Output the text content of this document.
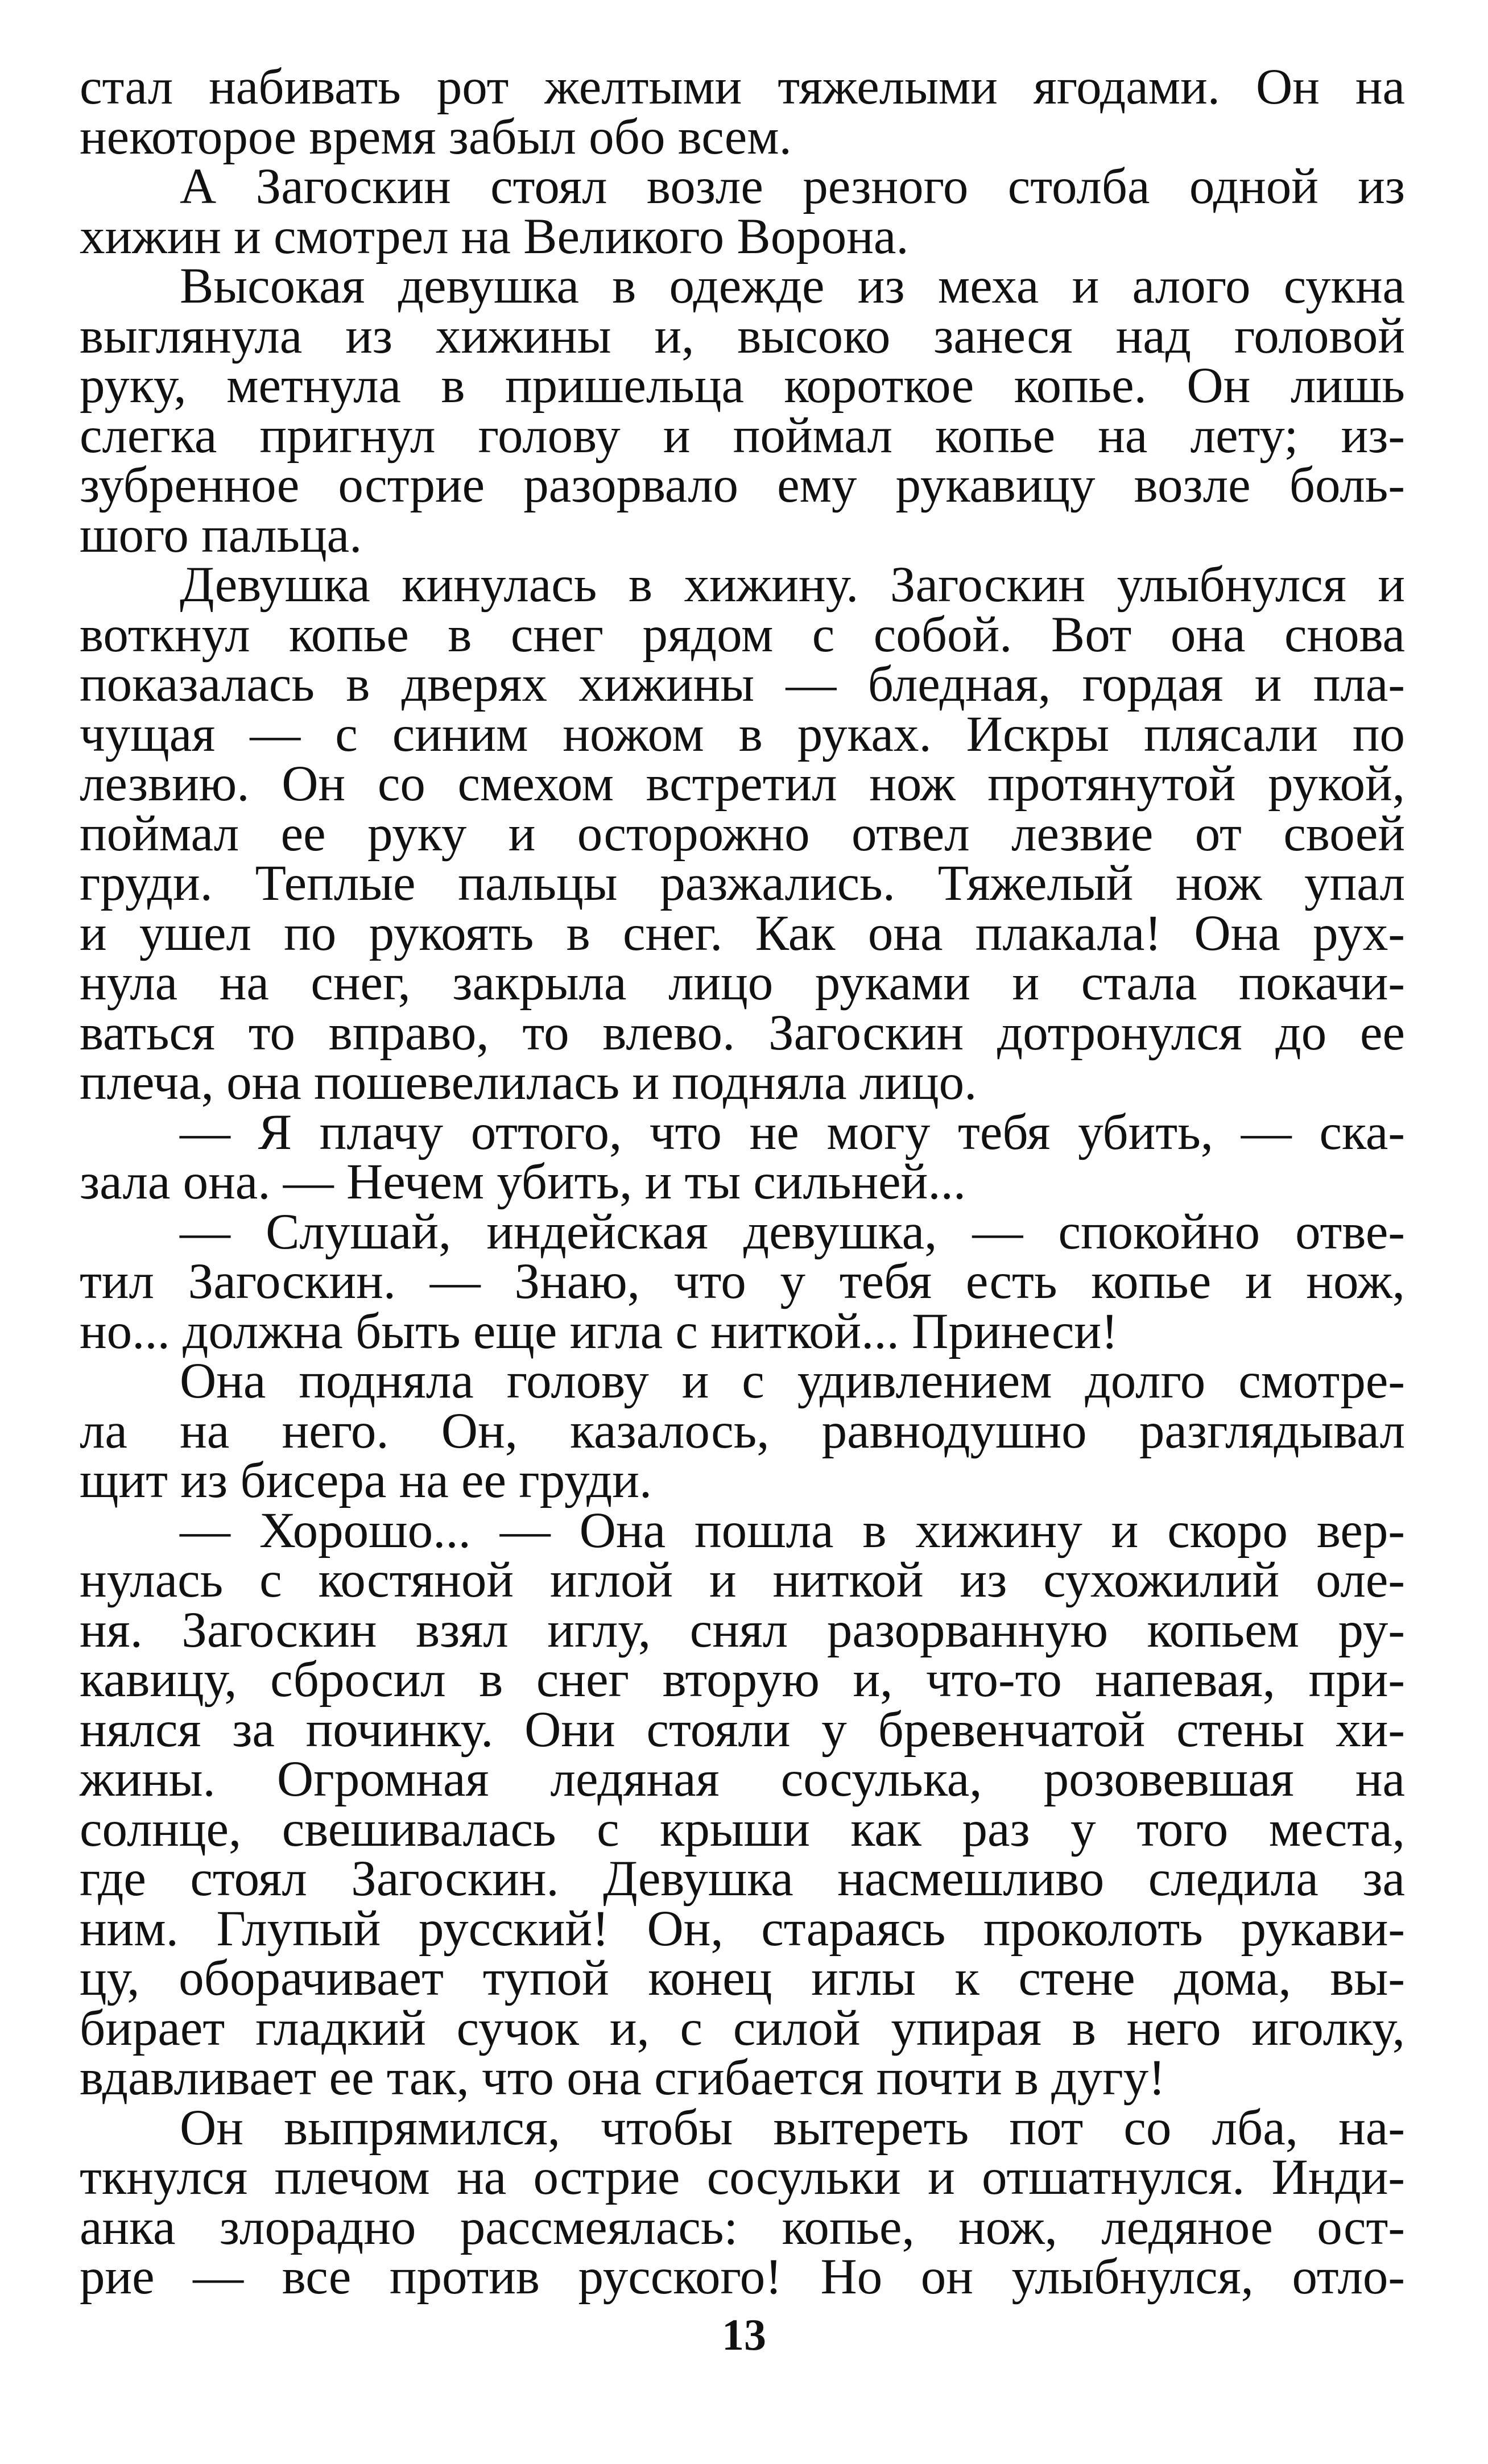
стал набивать рот желтыми тяжелыми ягодами. Он на
некоторое время забыл обо всем.
А Загоскин стоял возле резного столба одной из
хижин и смотрел на Великого Ворона.
Высокая девушка в одежде из меха и алого сукна
выглянула из хижины и, высоко занеся над головой
руку, метнула в пришельца короткое копье. Он лишь
слегка пригнул голову и поймал копье на лету; из-
зубренное острие разорвало ему рукавицу возле боль-
шого пальца.
Девушка кинулась в хижину. Загоскин улыбнулся и
воткнул копье в снег рядом с собой. Вот она снова
показалась в дверях хижины — бледная, гордая и пла-
чущая — с синим ножом в руках. Искры плясали по
лезвию. Он со смехом встретил нож протянутой рукой,
поймал ее руку и осторожно отвел лезвие от своей
груди. Теплые пальцы разжались. Тяжелый нож упал
и ушел по рукоять в снег. Как она плакала! Она рух-
нула на снег, закрыла лицо руками и стала покачи-
ваться то вправо, то влево. Загоскин дотронулся до ее
плеча, она пошевелилась и подняла лицо.
— Я плачу оттого, что не могу тебя убить, — ска-
зала она. — Нечем убить, и ты сильней...
— Слушай, индейская девушка, — спокойно отве-
тил Загоскин. — Знаю, что у тебя есть копье и нож,
но... должна быть еще игла с ниткой... Принеси!
Она подняла голову и с удивлением долго смотре-
ла на него. Он, казалось, равнодушно разглядывал
щит из бисера на ее груди.
— Хорошо... — Она пошла в хижину и скоро вер-
нулась с костяной иглой и ниткой из сухожилий оле-
ня. Загоскин взял иглу, снял разорванную копьем ру-
кавицу, сбросил в снег вторую и, что-то напевая, при-
нялся за починку. Они стояли у бревенчатой стены хи-
жины. Огромная ледяная сосулька, розовевшая на
солнце, свешивалась с крыши как раз у того места,
где стоял Загоскин. Девушка насмешливо следила за
ним. Глупый русский! Он, стараясь проколоть рукави-
цу, оборачивает тупой конец иглы к стене дома, вы-
бирает гладкий сучок и, с силой упирая в него иголку,
вдавливает ее так, что она сгибается почти в дугу!
Он выпрямился, чтобы вытереть пот со лба, на-
ткнулся плечом на острие сосульки и отшатнулся. Инди-
анка злорадно рассмеялась: копье, нож, ледяное ост-
рие — все против русского! Но он улыбнулся, отло-
13
